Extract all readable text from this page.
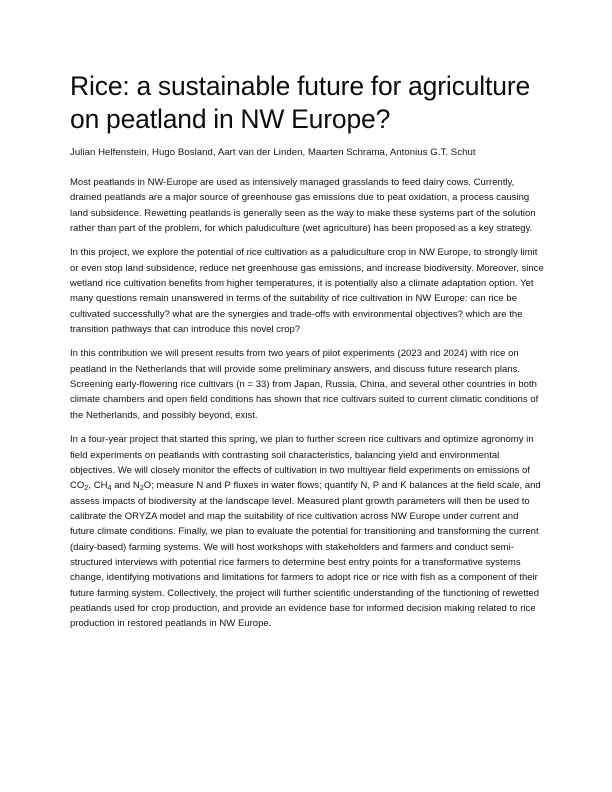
Rice: a sustainable future for agriculture on peatland in NW Europe?

Julian Helfenstein, Hugo Bosland, Aart van der Linden, Maarten Schrama, Antonius G.T. Schut

Most peatlands in NW-Europe are used as intensively managed grasslands to feed dairy cows. Currently, drained peatlands are a major source of greenhouse gas emissions due to peat oxidation, a process causing land subsidence. Rewetting peatlands is generally seen as the way to make these systems part of the solution rather than part of the problem, for which paludiculture (wet agriculture) has been proposed as a key strategy.

In this project, we explore the potential of rice cultivation as a paludiculture crop in NW Europe, to strongly limit or even stop land subsidence, reduce net greenhouse gas emissions, and increase biodiversity. Moreover, since wetland rice cultivation benefits from higher temperatures, it is potentially also a climate adaptation option. Yet many questions remain unanswered in terms of the suitability of rice cultivation in NW Europe: can rice be cultivated successfully? what are the synergies and trade-offs with environmental objectives? which are the transition pathways that can introduce this novel crop?

In this contribution we will present results from two years of pilot experiments (2023 and 2024) with rice on peatland in the Netherlands that will provide some preliminary answers, and discuss future research plans. Screening early-flowering rice cultivars (n = 33) from Japan, Russia, China, and several other countries in both climate chambers and open field conditions has shown that rice cultivars suited to current climatic conditions of the Netherlands, and possibly beyond, exist.

In a four-year project that started this spring, we plan to further screen rice cultivars and optimize agronomy in field experiments on peatlands with contrasting soil characteristics, balancing yield and environmental objectives. We will closely monitor the effects of cultivation in two multiyear field experiments on emissions of $CO_2$, $CH_4$ and $N_2O$; measure N and P fluxes in water flows; quantify N, P and K balances at the field scale, and assess impacts of biodiversity at the landscape level. Measured plant growth parameters will then be used to calibrate the ORYZA model and map the suitability of rice cultivation across NW Europe under current and future climate conditions. Finally, we plan to evaluate the potential for transitioning and transforming the current (dairy-based) farming systems. We will host workshops with stakeholders and farmers and conduct semi-structured interviews with potential rice farmers to determine best entry points for a transformative systems change, identifying motivations and limitations for farmers to adopt rice or rice with fish as a component of their future farming system. Collectively, the project will further scientific understanding of the functioning of rewetted peatlands used for crop production, and provide an evidence base for informed decision making related to rice production in restored peatlands in NW Europe.
